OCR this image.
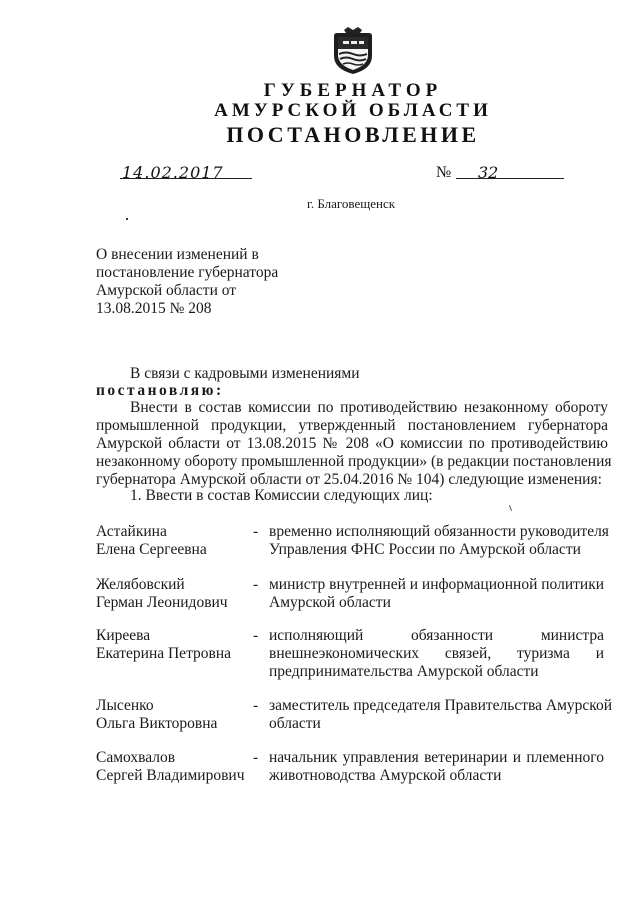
ГУБЕРНАТОР
АМУРСКОЙ ОБЛАСТИ
ПОСТАНОВЛЕНИЕ
14.02.2017	№ 32
г. Благовещенск
О внесении изменений в
постановление губернатора
Амурской области от
13.08.2015 № 208
В связи с кадровыми изменениями
постановляю:
Внести в состав комиссии по противодействию незаконному обороту
промышленной продукции, утвержденный постановлением губернатора
Амурской области от 13.08.2015 № 208 «О комиссии по противодействию
незаконному обороту промышленной продукции» (в редакции постановления
губернатора Амурской области от 25.04.2016 № 104) следующие изменения:
1. Ввести в состав Комиссии следующих лиц:
Астайкина
Елена Сергеевна
- временно исполняющий обязанности руководителя
Управления ФНС России по Амурской области
Желябовский
Герман Леонидович
- министр внутренней и информационной политики
Амурской области
Киреева
Екатерина Петровна
- исполняющий обязанности министра
внешнеэкономических связей, туризма и
предпринимательства Амурской области
Лысенко
Ольга Викторовна
- заместитель председателя Правительства Амурской
области
Самохвалов
Сергей Владимирович
- начальник управления ветеринарии и племенного
животноводства Амурской области
